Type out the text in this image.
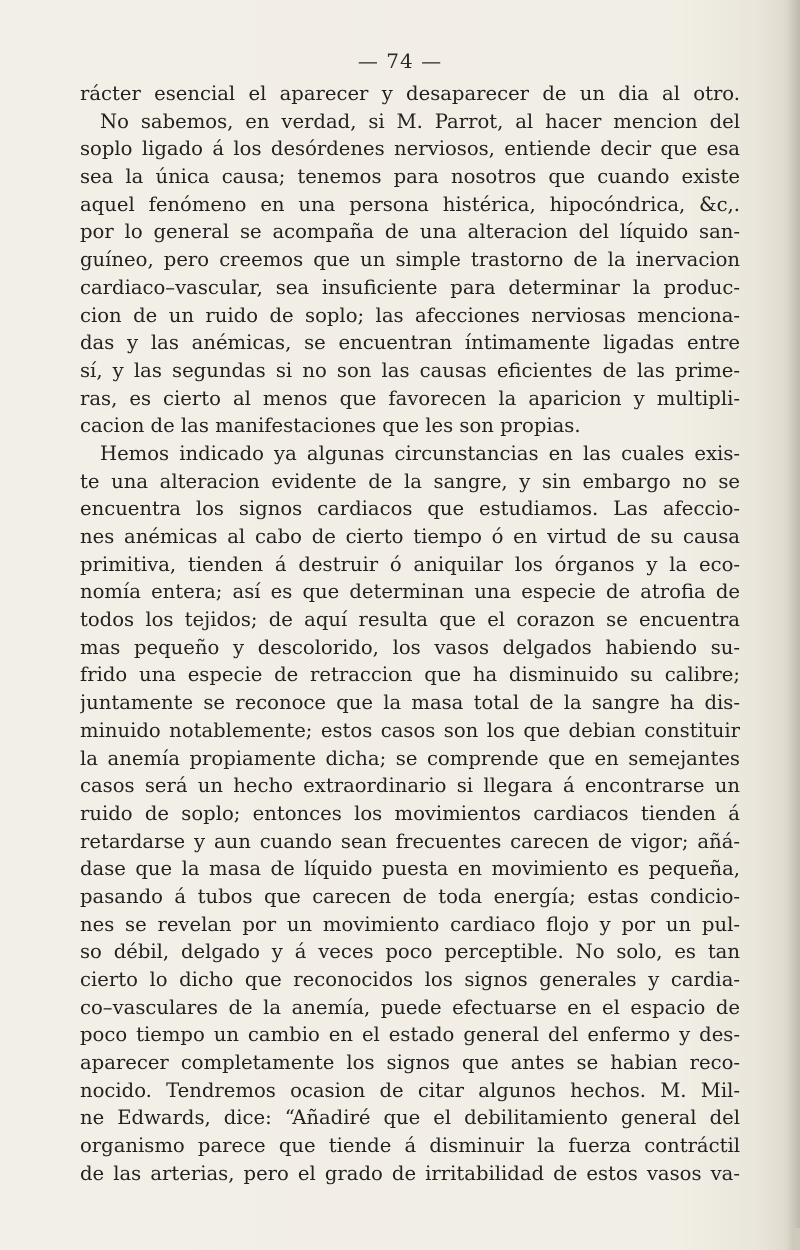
— 74 —
rácter esencial el aparecer y desaparecer de un dia al otro.
No sabemos, en verdad, si M. Parrot, al hacer mencion del
soplo ligado á los desórdenes nerviosos, entiende decir que esa
sea la única causa; tenemos para nosotros que cuando existe
aquel fenómeno en una persona histérica, hipocóndrica, &c,.
por lo general se acompaña de una alteracion del líquido san-
guíneo, pero creemos que un simple trastorno de la inervacion
cardiaco–vascular, sea insuficiente para determinar la produc-
cion de un ruido de soplo; las afecciones nerviosas menciona-
das y las anémicas, se encuentran íntimamente ligadas entre
sí, y las segundas si no son las causas eficientes de las prime-
ras, es cierto al menos que favorecen la aparicion y multipli-
cacion de las manifestaciones que les son propias.
Hemos indicado ya algunas circunstancias en las cuales exis-
te una alteracion evidente de la sangre, y sin embargo no se
encuentra los signos cardiacos que estudiamos. Las afeccio-
nes anémicas al cabo de cierto tiempo ó en virtud de su causa
primitiva, tienden á destruir ó aniquilar los órganos y la eco-
nomía entera; así es que determinan una especie de atrofia de
todos los tejidos; de aquí resulta que el corazon se encuentra
mas pequeño y descolorido, los vasos delgados habiendo su-
frido una especie de retraccion que ha disminuido su calibre;
juntamente se reconoce que la masa total de la sangre ha dis-
minuido notablemente; estos casos son los que debian constituir
la anemía propiamente dicha; se comprende que en semejantes
casos será un hecho extraordinario si llegara á encontrarse un
ruido de soplo; entonces los movimientos cardiacos tienden á
retardarse y aun cuando sean frecuentes carecen de vigor; añá-
dase que la masa de líquido puesta en movimiento es pequeña,
pasando á tubos que carecen de toda energía; estas condicio-
nes se revelan por un movimiento cardiaco flojo y por un pul-
so débil, delgado y á veces poco perceptible. No solo, es tan
cierto lo dicho que reconocidos los signos generales y cardia-
co–vasculares de la anemía, puede efectuarse en el espacio de
poco tiempo un cambio en el estado general del enfermo y des-
aparecer completamente los signos que antes se habian reco-
nocido. Tendremos ocasion de citar algunos hechos. M. Mil-
ne Edwards, dice: “Añadiré que el debilitamiento general del
organismo parece que tiende á disminuir la fuerza contráctil
de las arterias, pero el grado de irritabilidad de estos vasos va-
